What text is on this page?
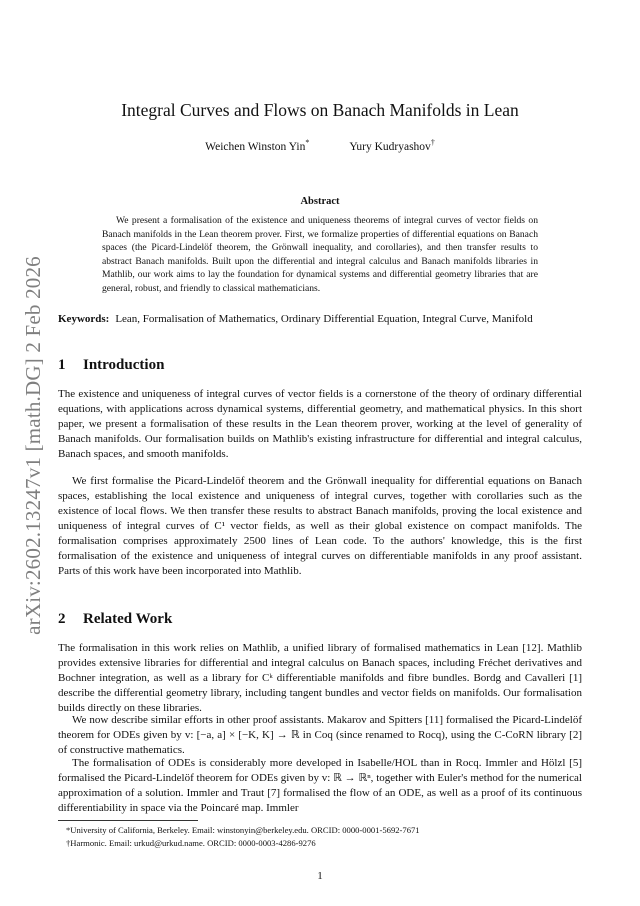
arXiv:2602.13247v1 [math.DG] 2 Feb 2026
Integral Curves and Flows on Banach Manifolds in Lean
Weichen Winston Yin*	Yury Kudryashov†
Abstract

We present a formalisation of the existence and uniqueness theorems of integral curves of vector fields on Banach manifolds in the Lean theorem prover. First, we formalize properties of differential equations on Banach spaces (the Picard-Lindelöf theorem, the Grönwall inequality, and corollaries), and then transfer results to abstract Banach manifolds. Built upon the differential and integral calculus and Banach manifolds libraries in Mathlib, our work aims to lay the foundation for dynamical systems and differential geometry libraries that are general, robust, and friendly to classical mathematicians.

Keywords: Lean, Formalisation of Mathematics, Ordinary Differential Equation, Integral Curve, Manifold
1 Introduction

The existence and uniqueness of integral curves of vector fields is a cornerstone of the theory of ordinary differential equations, with applications across dynamical systems, differential geometry, and mathematical physics. In this short paper, we present a formalisation of these results in the Lean theorem prover, working at the level of generality of Banach manifolds. Our formalisation builds on Mathlib's existing infrastructure for differential and integral calculus, Banach spaces, and smooth manifolds.

We first formalise the Picard-Lindelöf theorem and the Grönwall inequality for differential equations on Banach spaces, establishing the local existence and uniqueness of integral curves, together with corollaries such as the existence of local flows. We then transfer these results to abstract Banach manifolds, proving the local existence and uniqueness of integral curves of C¹ vector fields, as well as their global existence on compact manifolds. The formalisation comprises approximately 2500 lines of Lean code. To the authors' knowledge, this is the first formalisation of the existence and uniqueness of integral curves on differentiable manifolds in any proof assistant. Parts of this work have been incorporated into Mathlib.

2 Related Work

The formalisation in this work relies on Mathlib, a unified library of formalised mathematics in Lean [12]. Mathlib provides extensive libraries for differential and integral calculus on Banach spaces, including Fréchet derivatives and Bochner integration, as well as a library for Cᵏ differentiable manifolds and fibre bundles. Bordg and Cavalleri [1] describe the differential geometry library, including tangent bundles and vector fields on manifolds. Our formalisation builds directly on these libraries.

We now describe similar efforts in other proof assistants. Makarov and Spitters [11] formalised the Picard-Lindelöf theorem for ODEs given by v: [−a, a] × [−K, K] → ℝ in Coq (since renamed to Rocq), using the C-CoRN library [2] of constructive mathematics.

The formalisation of ODEs is considerably more developed in Isabelle/HOL than in Rocq. Immler and Hölzl [5] formalised the Picard-Lindelöf theorem for ODEs given by v: ℝ → ℝⁿ, together with Euler's method for the numerical approximation of a solution. Immler and Traut [7] formalised the flow of an ODE, as well as a proof of its continuous differentiability in space via the Poincaré map. Immler

*University of California, Berkeley. Email: winstonyin@berkeley.edu. ORCID: 0000-0001-5692-7671
†Harmonic. Email: urkud@urkud.name. ORCID: 0000-0003-4286-9276
1
